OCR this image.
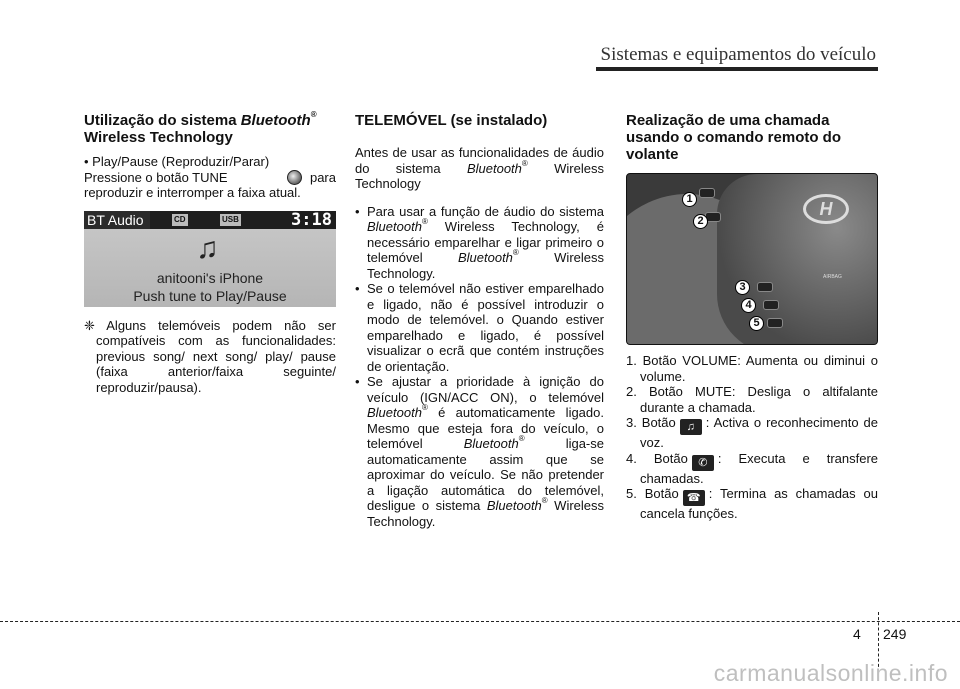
Sistemas e equipamentos do veículo
Utilização do sistema Bluetooth®
Wireless Technology
• Play/Pause (Reproduzir/Parar)
Pressione o botão TUNE	para
reproduzir e interromper a faixa atual.
BT Audio	CD	USB	3:18
♫
anitooni's iPhone
Push tune to Play/Pause

❈ Alguns telemóveis podem não ser compatíveis com as funcionalidades: previous song/ next song/ play/ pause (faixa anterior/faixa seguinte/ reproduzir/pausa).

TELEMÓVEL (se instalado)

Antes de usar as funcionalidades de áudio do sistema Bluetooth® Wireless Technology

• Para usar a função de áudio do sistema Bluetooth® Wireless Technology, é necessário emparelhar e ligar primeiro o telemóvel Bluetooth® Wireless Technology.
• Se o telemóvel não estiver emparelhado e ligado, não é possível introduzir o modo de telemóvel. o Quando estiver emparelhado e ligado, é possível visualizar o ecrã que contém instruções de orientação.
• Se ajustar a prioridade à ignição do veículo (IGN/ACC ON), o telemóvel Bluetooth® é automaticamente ligado. Mesmo que esteja fora do veículo, o telemóvel Bluetooth® liga-se automaticamente assim que se aproximar do veículo. Se não pretender a ligação automática do telemóvel, desligue o sistema Bluetooth® Wireless Technology.
Realização de uma chamada usando o comando remoto do volante
H
AIRBAG
1
2
3
4
5
1. Botão VOLUME: Aumenta ou diminui o volume.
2. Botão MUTE: Desliga o altifalante durante a chamada.
3. Botão ♫ : Activa o reconhecimento de voz.
4. Botão ✆ : Executa e transfere chamadas.
5. Botão ☎ : Termina as chamadas ou cancela funções.
4 249
carmanualsonline.info
